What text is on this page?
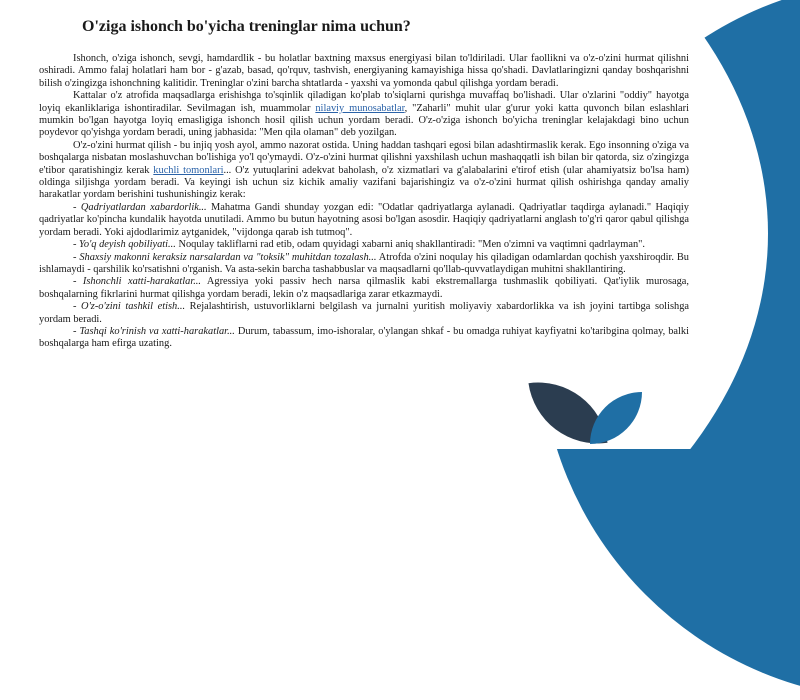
O'ziga ishonch bo'yicha treninglar nima uchun?

Ishonch, o'ziga ishonch, sevgi, hamdardlik - bu holatlar baxtning maxsus energiyasi bilan to'ldiriladi. Ular faollikni va o'z-o'zini hurmat qilishni oshiradi. Ammo falaj holatlari ham bor - g'azab, basad, qo'rquv, tashvish, energiyaning kamayishiga hissa qo'shadi. Davlatlaringizni qanday boshqarishni bilish o'zingizga ishonchning kalitidir. Treninglar o'zini barcha shtatlarda - yaxshi va yomonda qabul qilishga yordam beradi.

Kattalar o'z atrofida maqsadlarga erishishga to'sqinlik qiladigan ko'plab to'siqlarni qurishga muvaffaq bo'lishadi. Ular o'zlarini "oddiy" hayotga loyiq ekanliklariga ishontiradilar. Sevilmagan ish, muammolar nilaviy munosabatlar, "Zaharli" muhit ular g'urur yoki katta quvonch bilan eslashlari mumkin bo'lgan hayotga loyiq emasligiga ishonch hosil qilish uchun yordam beradi. O'z-o'ziga ishonch bo'yicha treninglar kelajakdagi bino uchun poydevor qo'yishga yordam beradi, uning jabhasida: "Men qila olaman" deb yozilgan.

O'z-o'zini hurmat qilish - bu injiq yosh ayol, ammo nazorat ostida. Uning haddan tashqari egosi bilan adashtirmaslik kerak. Ego insonning o'ziga va boshqalarga nisbatan moslashuvchan bo'lishiga yo'l qo'ymaydi. O'z-o'zini hurmat qilishni yaxshilash uchun mashaqqatli ish bilan bir qatorda, siz o'zingizga e'tibor qaratishingiz kerak kuchli tomonlari... O'z yutuqlarini adekvat baholash, o'z xizmatlari va g'alabalarini e'tirof etish (ular ahamiyatsiz bo'lsa ham) oldinga siljishga yordam beradi. Va keyingi ish uchun siz kichik amaliy vazifani bajarishingiz va o'z-o'zini hurmat qilish oshirishga qanday amaliy harakatlar yordam berishini tushunishingiz kerak:

- Qadriyatlardan xabardorlik... Mahatma Gandi shunday yozgan edi: "Odatlar qadriyatlarga aylanadi. Qadriyatlar taqdirga aylanadi." Haqiqiy qadriyatlar ko'pincha kundalik hayotda unutiladi. Ammo bu butun hayotning asosi bo'lgan asosdir. Haqiqiy qadriyatlarni anglash to'g'ri qaror qabul qilishga yordam beradi. Yoki ajdodlarimiz aytganidek, "vijdonga qarab ish tutmoq".

- Yo'q deyish qobiliyati... Noqulay takliflarni rad etib, odam quyidagi xabarni aniq shakllantiradi: "Men o'zimni va vaqtimni qadrlayman".

- Shaxsiy makonni keraksiz narsalardan va "toksik" muhitdan tozalash... Atrofda o'zini noqulay his qiladigan odamlardan qochish yaxshiroqdir. Bu ishlamaydi - qarshilik ko'rsatishni o'rganish. Va asta-sekin barcha tashabbuslar va maqsadlarni qo'llab-quvvatlaydigan muhitni shakllantiring.

- Ishonchli xatti-harakatlar... Agressiya yoki passiv hech narsa qilmaslik kabi ekstremallarga tushmaslik qobiliyati. Qat'iylik murosaga, boshqalarning fikrlarini hurmat qilishga yordam beradi, lekin o'z maqsadlariga zarar etkazmaydi.

- O'z-o'zini tashkil etish... Rejalashtirish, ustuvorliklarni belgilash va jurnalni yuritish moliyaviy xabardorlikka va ish joyini tartibga solishga yordam beradi.

- Tashqi ko'rinish va xatti-harakatlar... Durum, tabassum, imo-ishoralar, o'ylangan shkaf - bu omadga ruhiyat kayfiyatni ko'taribgina qolmay, balki boshqalarga ham efirga uzating.
